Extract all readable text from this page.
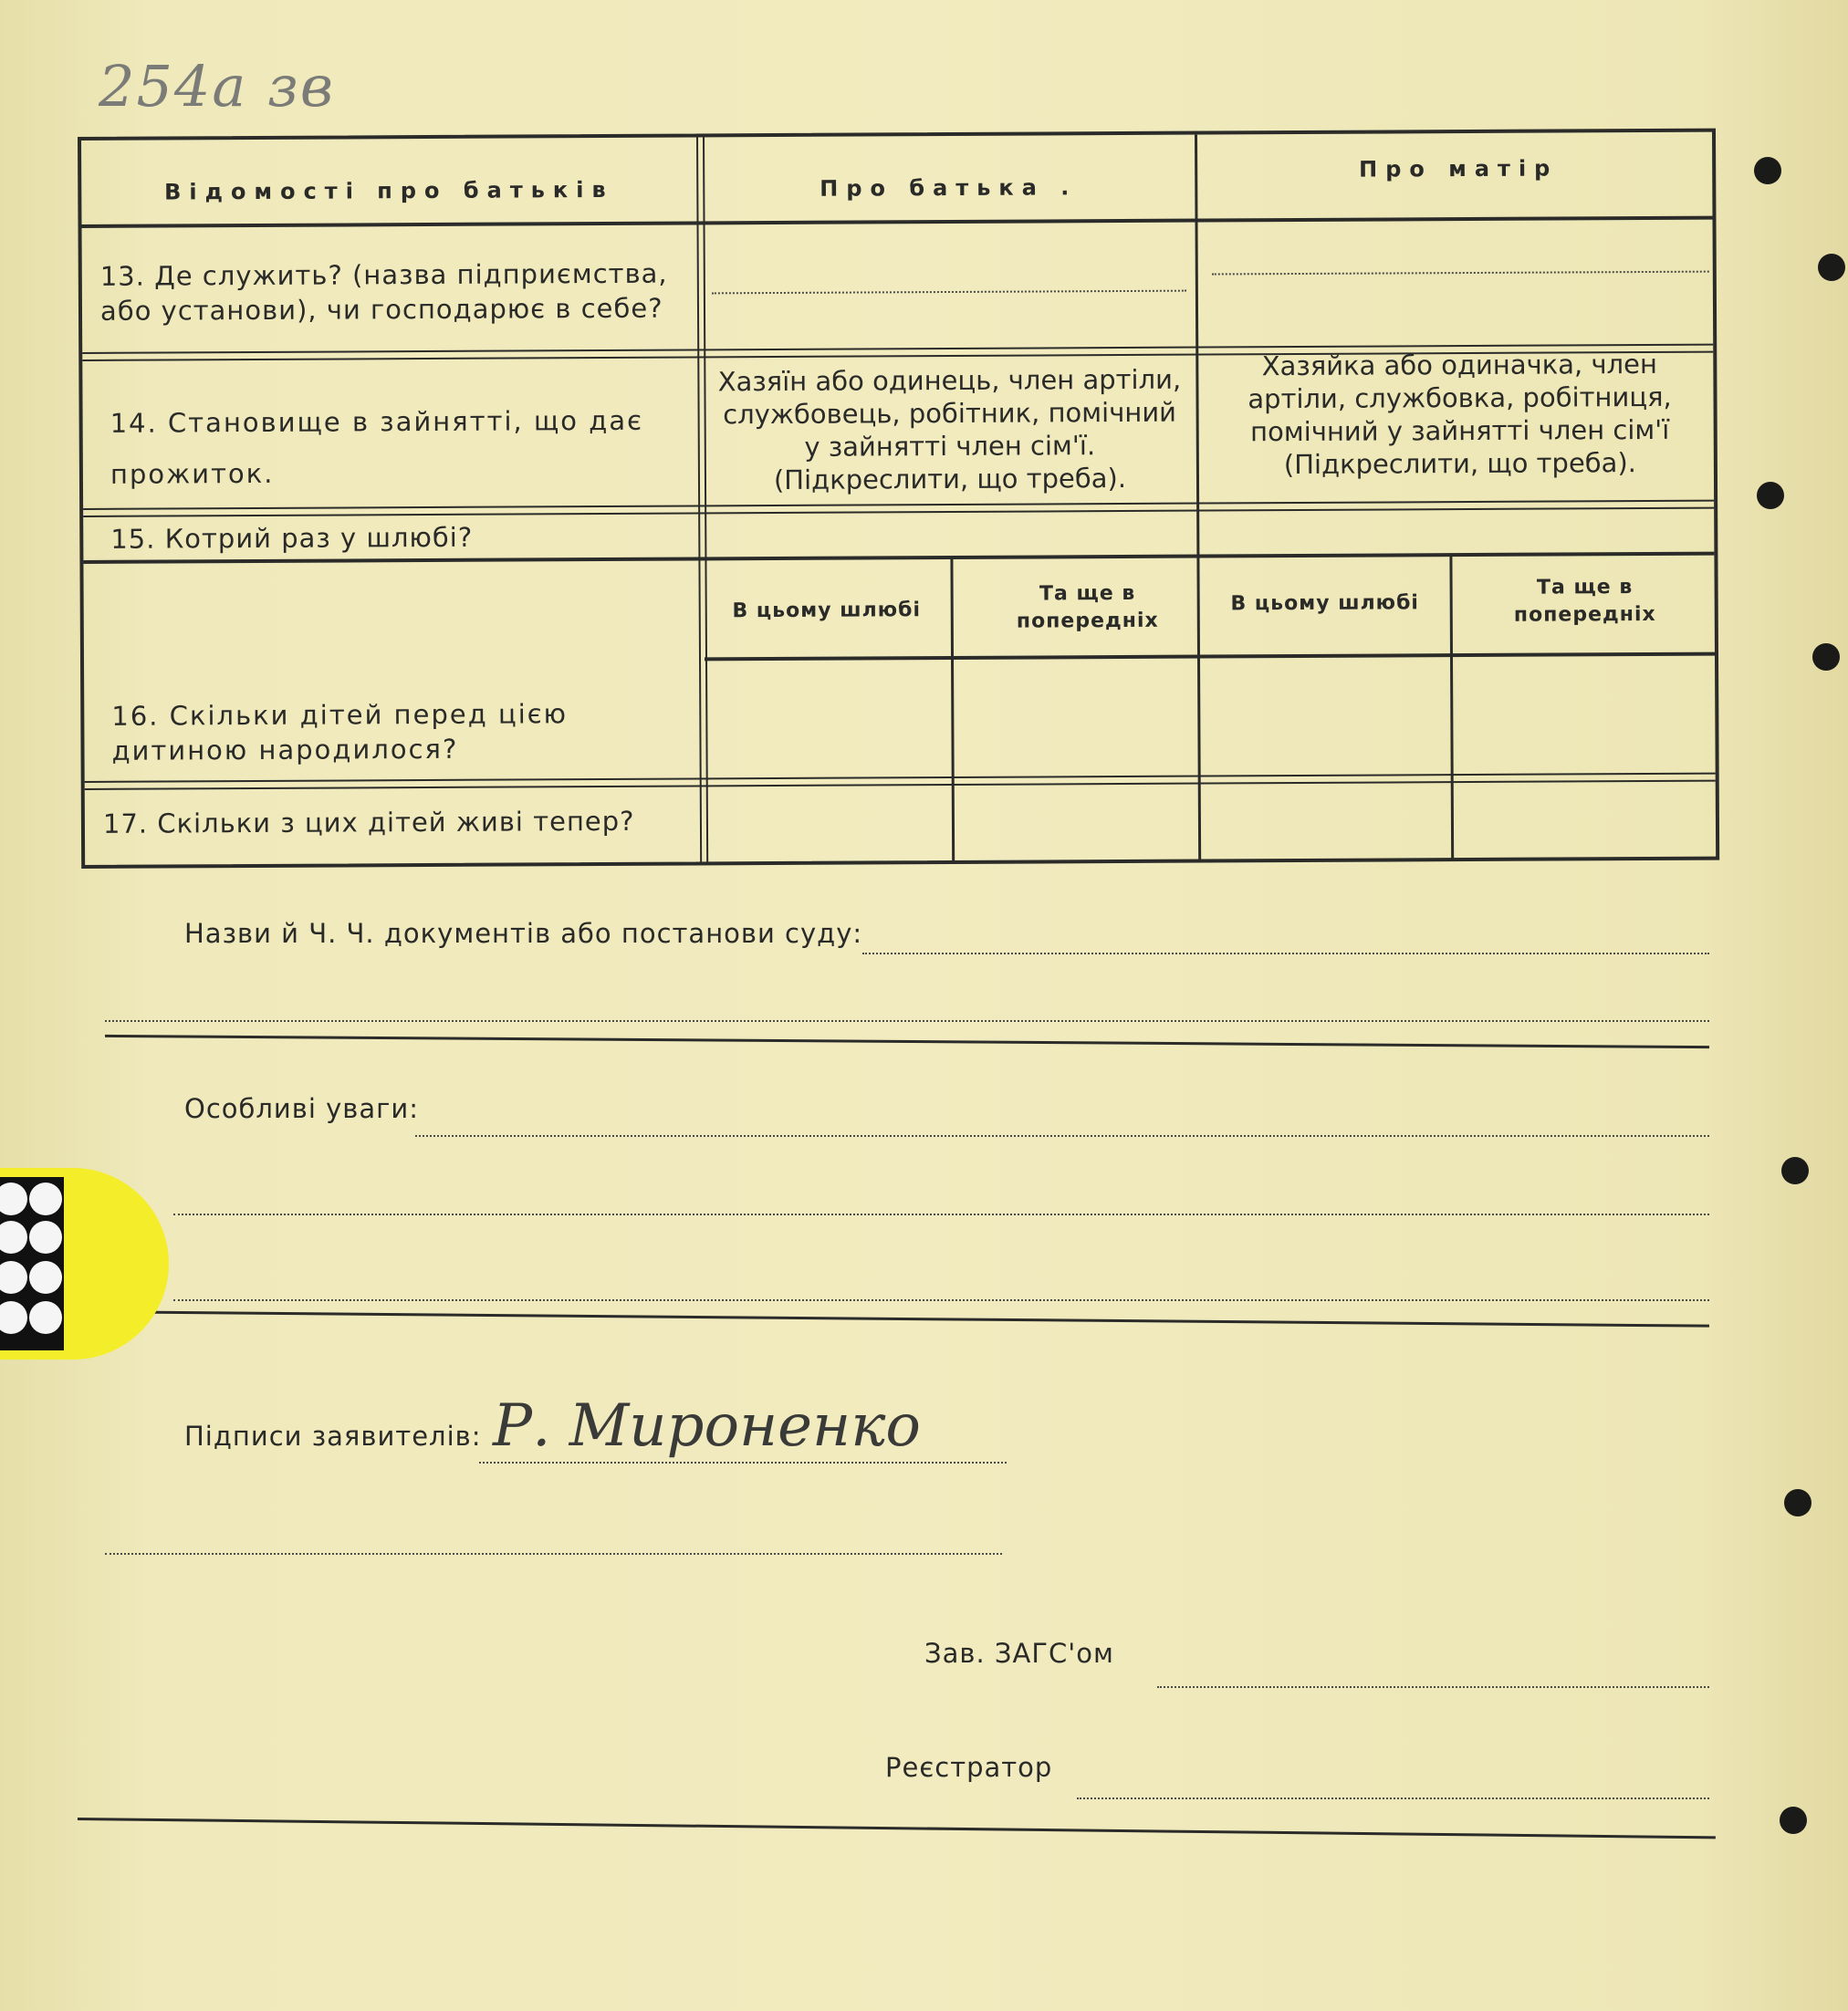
254а зв
Відомості про батьків	Про батька .
Про матір
13. Де служить? (назва підприємства, або установи), чи господарює в себе?
14. Становище в зайнятті, що дає прожиток.
Хазяїн або одинець, член артіли, службовець, робітник, помічний у зайнятті член сім'ї. (Підкреслити, що треба).
Хазяйка або одиначка, член артіли, службовка, робітниця, помічний у зайнятті член сім'ї (Підкреслити, що треба).
15. Котрий раз у шлюбі?
В цьому шлюбі
Та ще в попередніх
В цьому шлюбі
Та ще в попередніх
16. Скільки дітей перед цією дитиною народилося?
17. Скільки з цих дітей живі тепер?
Назви й Ч. Ч. документів або постанови суду:
Особливі уваги:
Підписи заявителів: Р. Мироненко
Зав. ЗАГС'ом
Реєстратор
